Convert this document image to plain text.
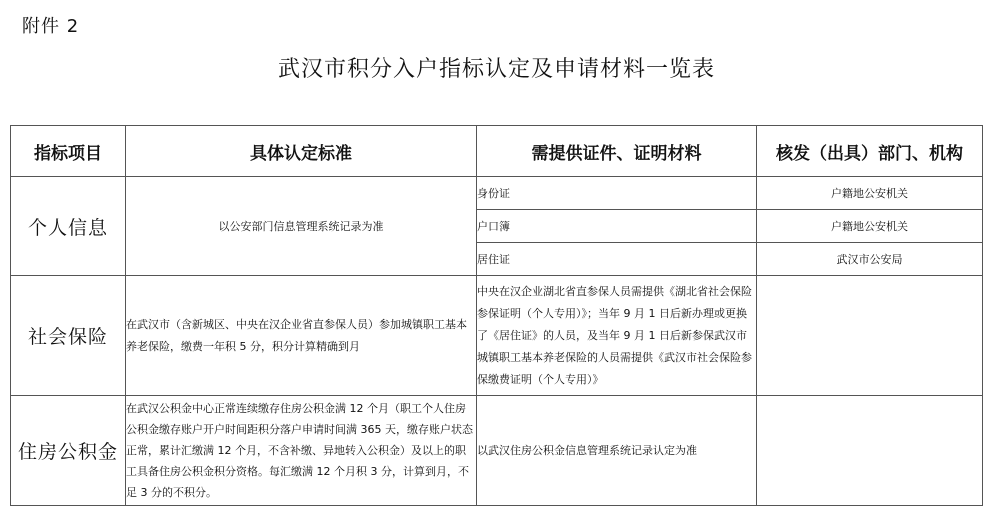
附件 2
武汉市积分入户指标认定及申请材料一览表
指标项目	具体认定标准	需提供证件、证明材料	核发（出具）部门、机构
个人信息	以公安部门信息管理系统记录为准	身份证	户籍地公安机关
		户口簿	户籍地公安机关
		居住证	武汉市公安局
社会保险	在武汉市（含新城区、中央在汉企业省直参保人员）参加城镇职工基本养老保险，缴费一年积 5 分，积分计算精确到月	中央在汉企业湖北省直参保人员需提供《湖北省社会保险参保证明（个人专用）》；当年 9 月 1 日后新办理或更换了《居住证》的人员，及当年 9 月 1 日后新参保武汉市城镇职工基本养老保险的人员需提供《武汉市社会保险参保缴费证明（个人专用）》	
住房公积金	在武汉公积金中心正常连续缴存住房公积金满 12 个月（职工个人住房公积金缴存账户开户时间距积分落户申请时间满 365 天，缴存账户状态正常，累计汇缴满 12 个月，不含补缴、异地转入公积金）及以上的职工具备住房公积金积分资格。每汇缴满 12 个月积 3 分，计算到月，不足 3 分的不积分。	以武汉住房公积金信息管理系统记录认定为准	
